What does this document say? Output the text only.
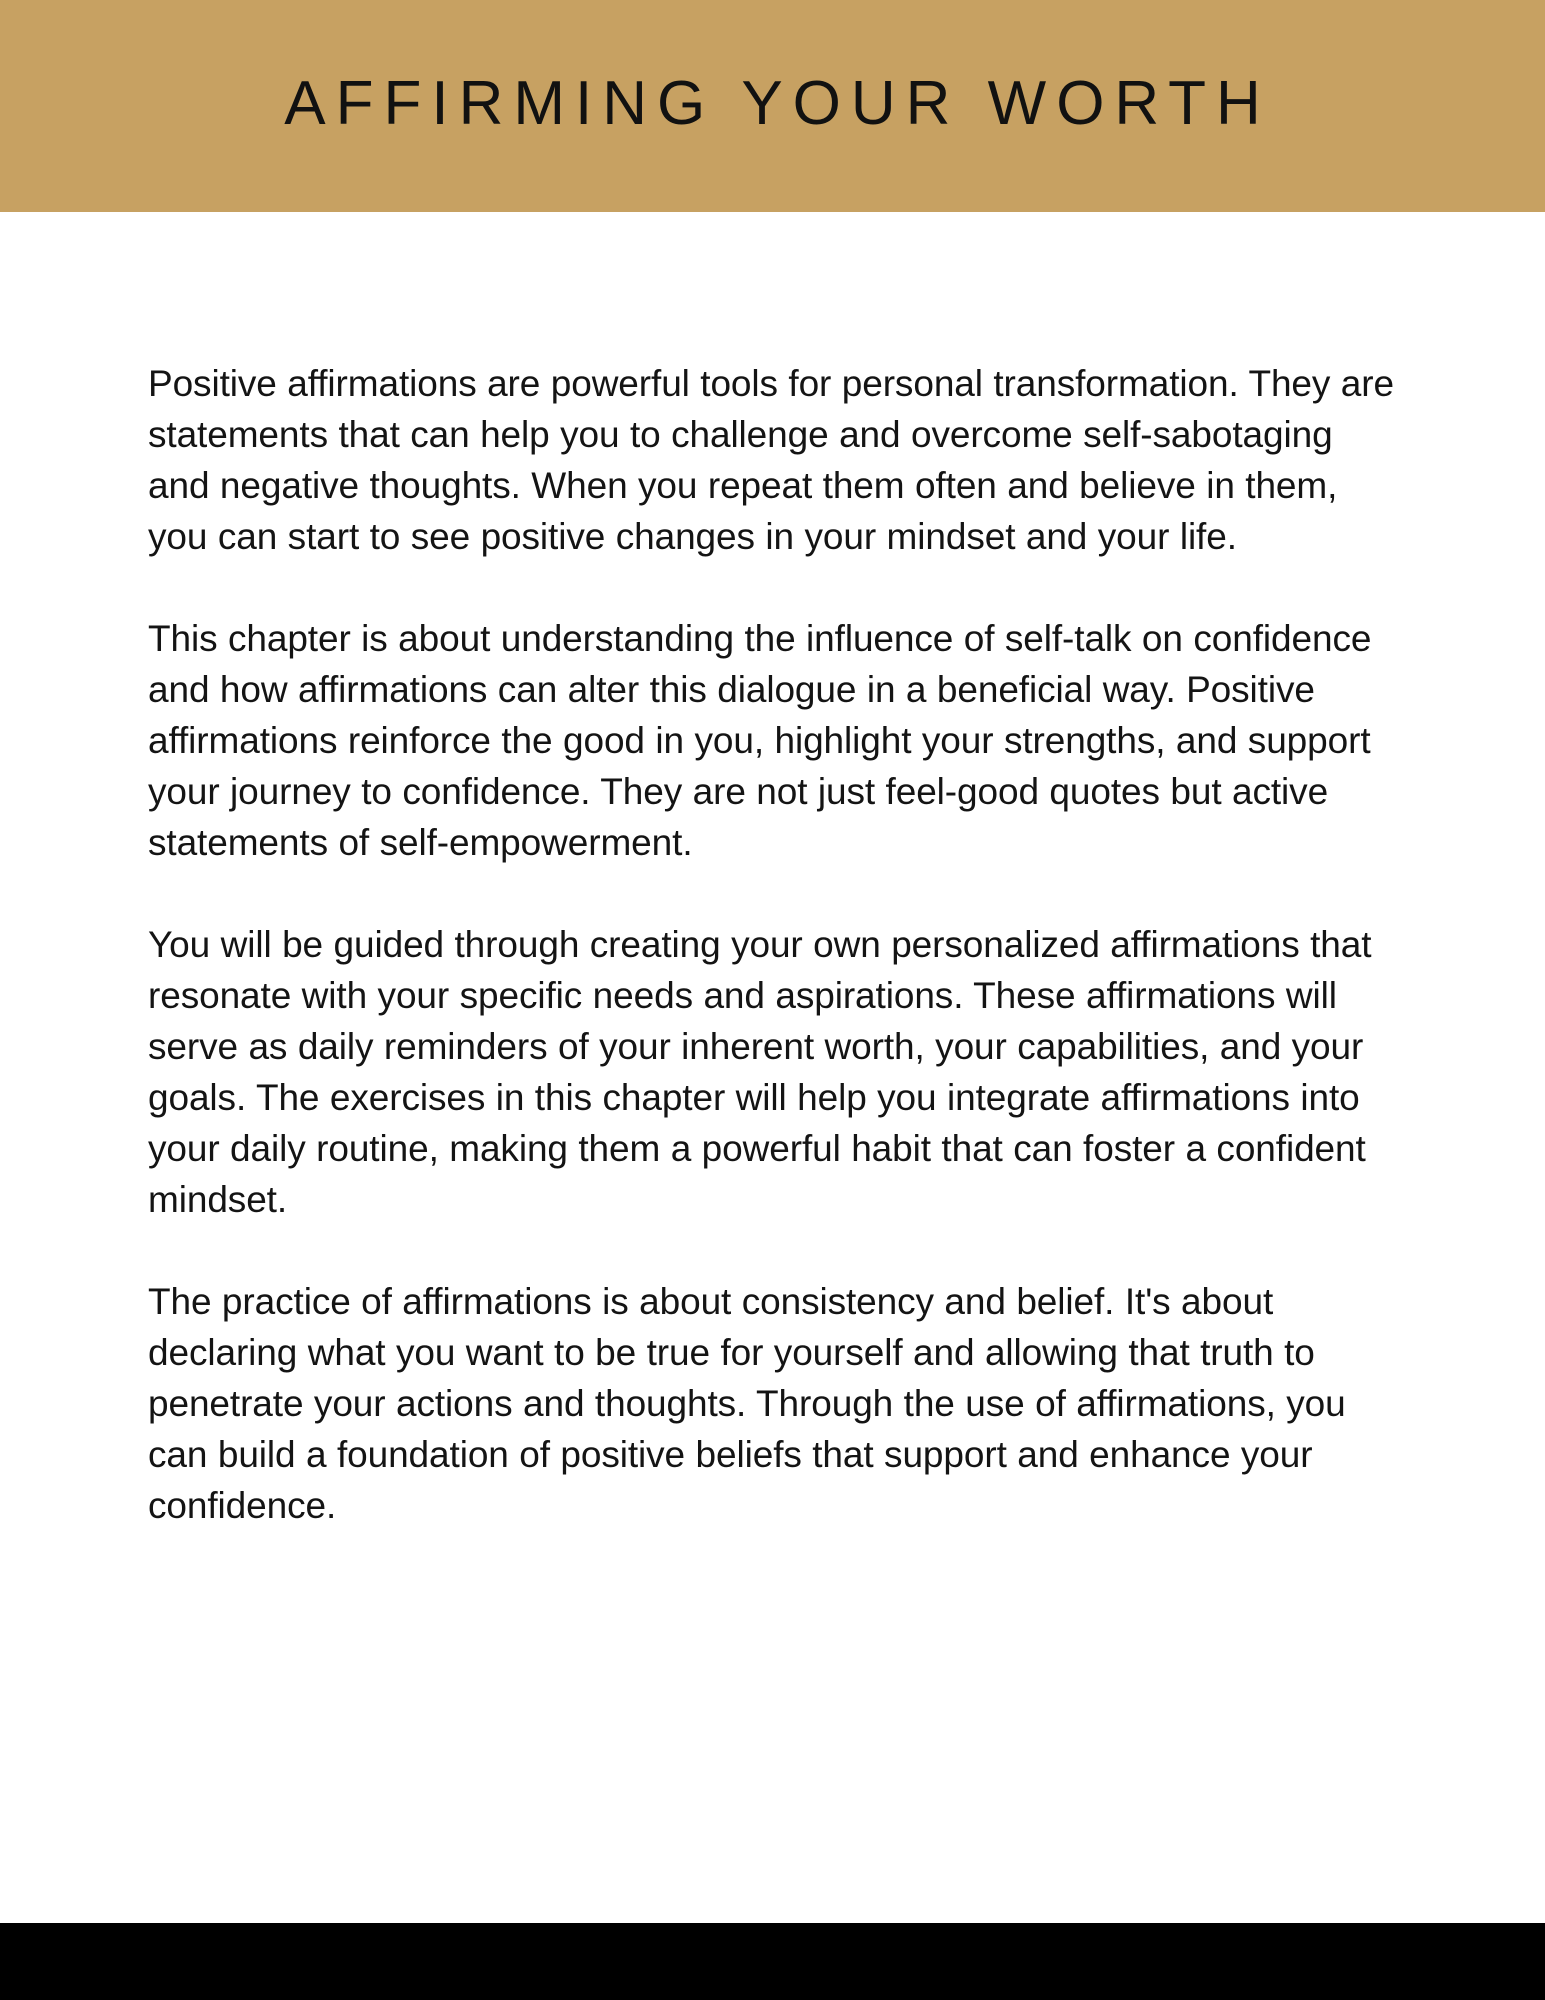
AFFIRMING YOUR WORTH

Positive affirmations are powerful tools for personal transformation. They are statements that can help you to challenge and overcome self-sabotaging and negative thoughts. When you repeat them often and believe in them, you can start to see positive changes in your mindset and your life.

This chapter is about understanding the influence of self-talk on confidence and how affirmations can alter this dialogue in a beneficial way. Positive affirmations reinforce the good in you, highlight your strengths, and support your journey to confidence. They are not just feel-good quotes but active statements of self-empowerment.

You will be guided through creating your own personalized affirmations that resonate with your specific needs and aspirations. These affirmations will serve as daily reminders of your inherent worth, your capabilities, and your goals. The exercises in this chapter will help you integrate affirmations into your daily routine, making them a powerful habit that can foster a confident mindset.

The practice of affirmations is about consistency and belief. It's about declaring what you want to be true for yourself and allowing that truth to penetrate your actions and thoughts. Through the use of affirmations, you can build a foundation of positive beliefs that support and enhance your confidence.
